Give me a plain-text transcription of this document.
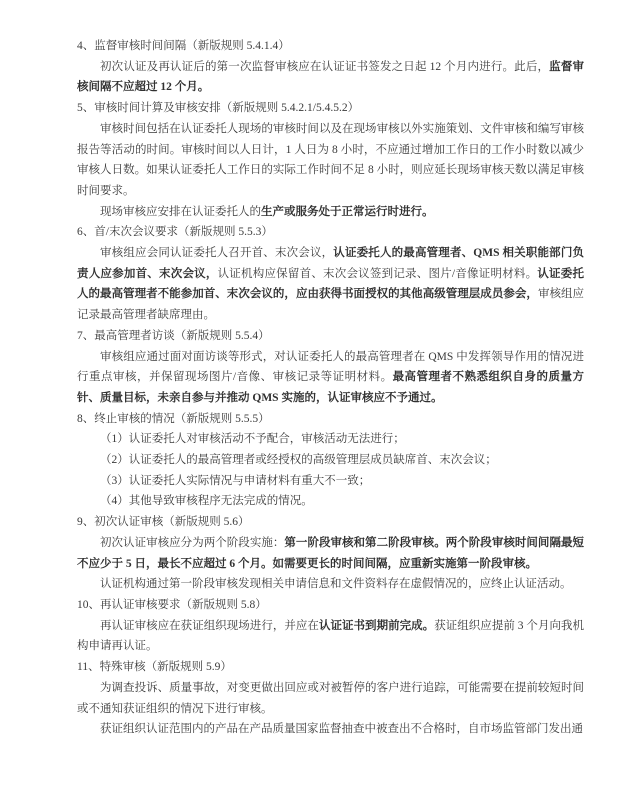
4、监督审核时间间隔（新版规则 5.4.1.4）

初次认证及再认证后的第一次监督审核应在认证证书签发之日起 12 个月内进行。此后，监督审核间隔不应超过 12 个月。

5、审核时间计算及审核安排（新版规则 5.4.2.1/5.4.5.2）

审核时间包括在认证委托人现场的审核时间以及在现场审核以外实施策划、文件审核和编写审核报告等活动的时间。审核时间以人日计，1 人日为 8 小时，不应通过增加工作日的工作小时数以减少审核人日数。如果认证委托人工作日的实际工作时间不足 8 小时，则应延长现场审核天数以满足审核时间要求。

现场审核应安排在认证委托人的生产或服务处于正常运行时进行。

6、首/末次会议要求（新版规则 5.5.3）

审核组应会同认证委托人召开首、末次会议，认证委托人的最高管理者、QMS 相关职能部门负责人应参加首、末次会议，认证机构应保留首、末次会议签到记录、图片/音像证明材料。认证委托人的最高管理者不能参加首、末次会议的，应由获得书面授权的其他高级管理层成员参会，审核组应记录最高管理者缺席理由。

7、最高管理者访谈（新版规则 5.5.4）

审核组应通过面对面访谈等形式，对认证委托人的最高管理者在 QMS 中发挥领导作用的情况进行重点审核，并保留现场图片/音像、审核记录等证明材料。最高管理者不熟悉组织自身的质量方针、质量目标，未亲自参与并推动 QMS 实施的，认证审核应不予通过。

8、终止审核的情况（新版规则 5.5.5）

（1）认证委托人对审核活动不予配合，审核活动无法进行；

（2）认证委托人的最高管理者或经授权的高级管理层成员缺席首、末次会议；

（3）认证委托人实际情况与申请材料有重大不一致；

（4）其他导致审核程序无法完成的情况。

9、初次认证审核（新版规则 5.6）

初次认证审核应分为两个阶段实施：第一阶段审核和第二阶段审核。两个阶段审核时间间隔最短不应少于 5 日，最长不应超过 6 个月。如需要更长的时间间隔，应重新实施第一阶段审核。

认证机构通过第一阶段审核发现相关申请信息和文件资料存在虚假情况的，应终止认证活动。

10、再认证审核要求（新版规则 5.8）

再认证审核应在获证组织现场进行，并应在认证证书到期前完成。获证组织应提前 3 个月向我机构申请再认证。

11、特殊审核（新版规则 5.9）

为调查投诉、质量事故，对变更做出回应或对被暂停的客户进行追踪，可能需要在提前较短时间或不通知获证组织的情况下进行审核。

获证组织认证范围内的产品在产品质量国家监督抽查中被查出不合格时，自市场监管部门发出通
